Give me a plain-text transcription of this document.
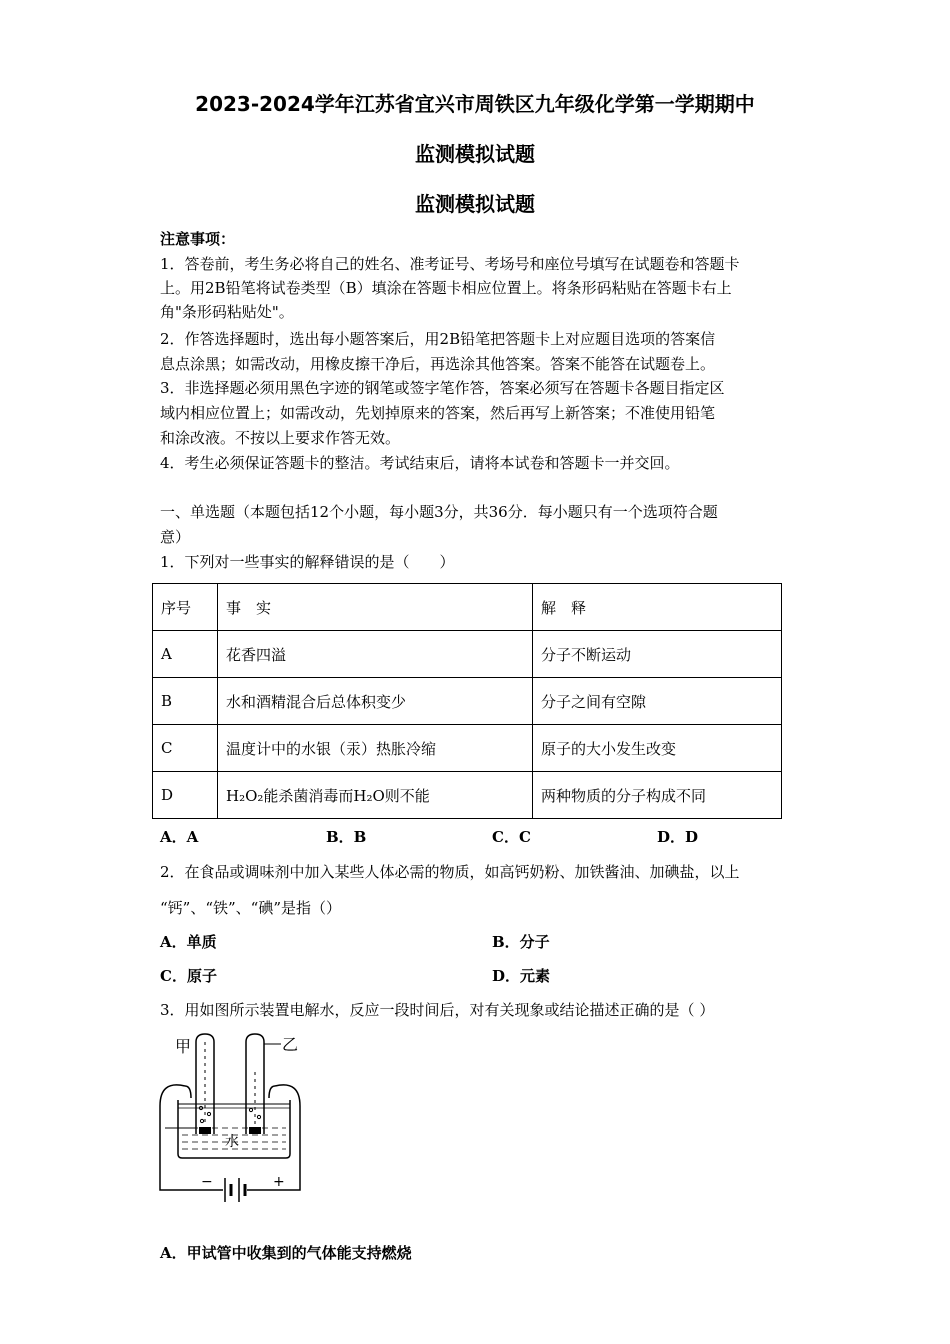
2023-2024学年江苏省宜兴市周铁区九年级化学第一学期期中
监测模拟试题
监测模拟试题
注意事项：
1．答卷前，考生务必将自己的姓名、准考证号、考场号和座位号填写在试题卷和答题卡
上。用2B铅笔将试卷类型（B）填涂在答题卡相应位置上。将条形码粘贴在答题卡右上
角"条形码粘贴处"。
2．作答选择题时，选出每小题答案后，用2B铅笔把答题卡上对应题目选项的答案信
息点涂黑；如需改动，用橡皮擦干净后，再选涂其他答案。答案不能答在试题卷上。
3．非选择题必须用黑色字迹的钢笔或签字笔作答，答案必须写在答题卡各题目指定区
域内相应位置上；如需改动，先划掉原来的答案，然后再写上新答案；不准使用铅笔
和涂改液。不按以上要求作答无效。
4．考生必须保证答题卡的整洁。考试结束后，请将本试卷和答题卡一并交回。
一、单选题（本题包括12个小题，每小题3分，共36分．每小题只有一个选项符合题
意）
1．下列对一些事实的解释错误的是（　　）
序号	事　实	解　释
A	花香四溢	分子不断运动
B	水和酒精混合后总体积变少	分子之间有空隙
C	温度计中的水银（汞）热胀冷缩	原子的大小发生改变
D	H₂O₂能杀菌消毒而H₂O则不能	两种物质的分子构成不同
A．A	B．B	C．C	D．D
2．在食品或调味剂中加入某些人体必需的物质，如高钙奶粉、加铁酱油、加碘盐，以上
“钙”、“铁”、“碘”是指（）
A．单质	B．分子
C．原子	D．元素
3．用如图所示装置电解水，反应一段时间后，对有关现象或结论描述正确的是（ ）
甲	乙
水
−	+
A．甲试管中收集到的气体能支持燃烧
